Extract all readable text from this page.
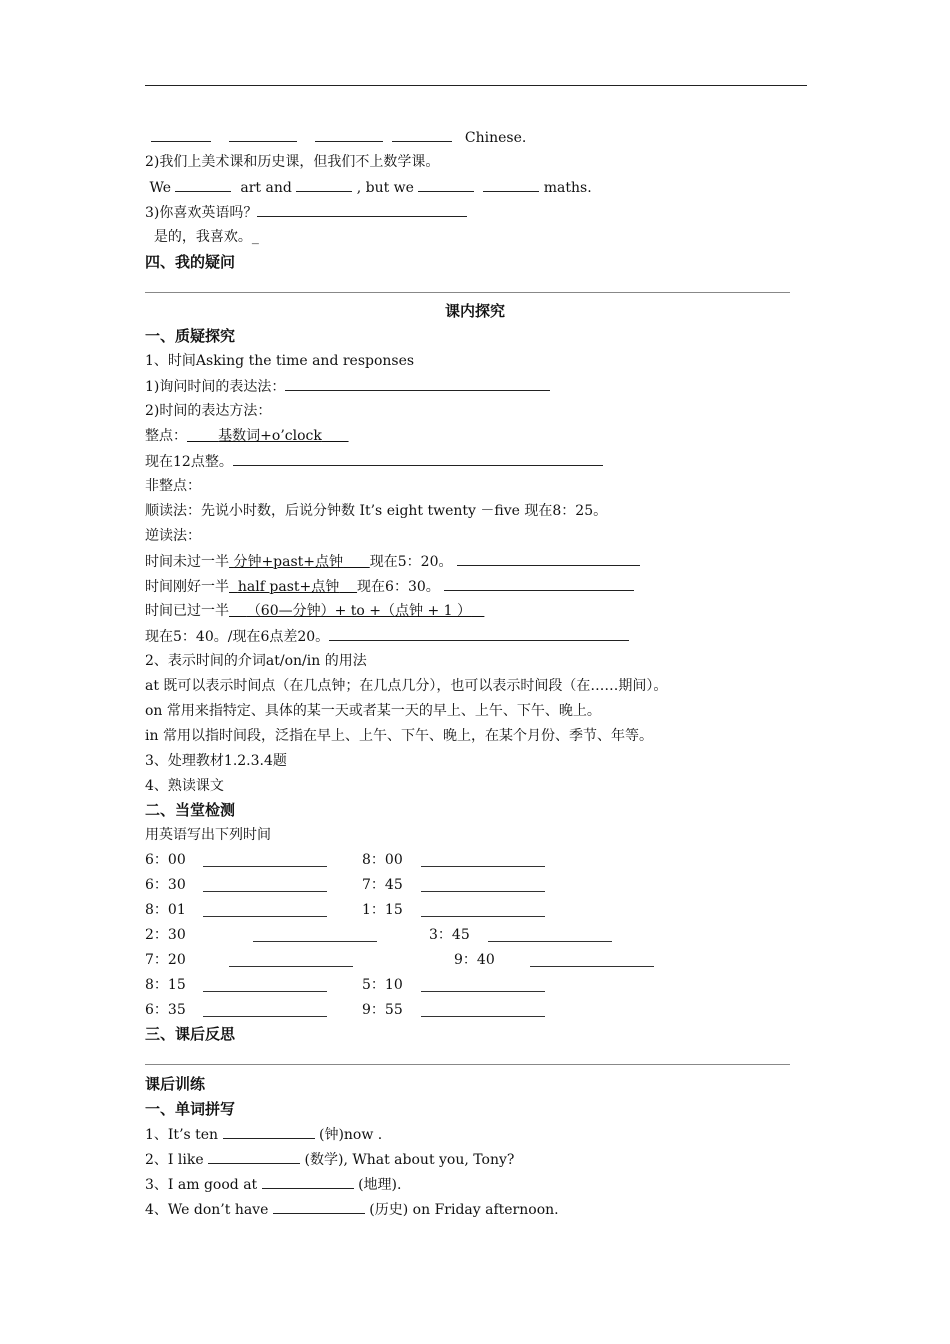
Chinese.
2)我们上美术课和历史课，但我们不上数学课。
We	art and	, but we	maths.
3)你喜欢英语吗？
是的，我喜欢。_
四、我的疑问
课内探究
一、质疑探究
1、时间Asking the time and responses
1)询问时间的表达法：
2)时间的表达方法：
整点： 基数词+o’clock
现在12点整。
非整点：
顺读法：先说小时数，后说分钟数 It’s eight twenty －five 现在8：25。
逆读法：
时间未过一半 分钟+past+点钟 现在5：20。
时间刚好一半 half past+点钟 现在6：30。
时间已过一半 （60—分钟）+ to +（点钟 + 1 ）
现在5：40。/现在6点差20。
2、表示时间的介词at/on/in 的用法
at 既可以表示时间点（在几点钟；在几点几分），也可以表示时间段（在……期间）。
on 常用来指特定、具体的某一天或者某一天的早上、上午、下午、晚上。
in 常用以指时间段，泛指在早上、上午、下午、晚上，在某个月份、季节、年等。
3、处理教材1.2.3.4题
4、熟读课文
二、当堂检测
用英语写出下列时间
6：00	8：00
6：30	7：45
8：01	1：15
2：30	3：45
7：20	9：40
8：15	5：10
6：35	9：55
三、课后反思
课后训练
一、单词拼写
1、It’s ten	(钟)now .
2、I like	(数学), What about you, Tony?
3、I am good at	(地理).
4、We don’t have	(历史) on Friday afternoon.
